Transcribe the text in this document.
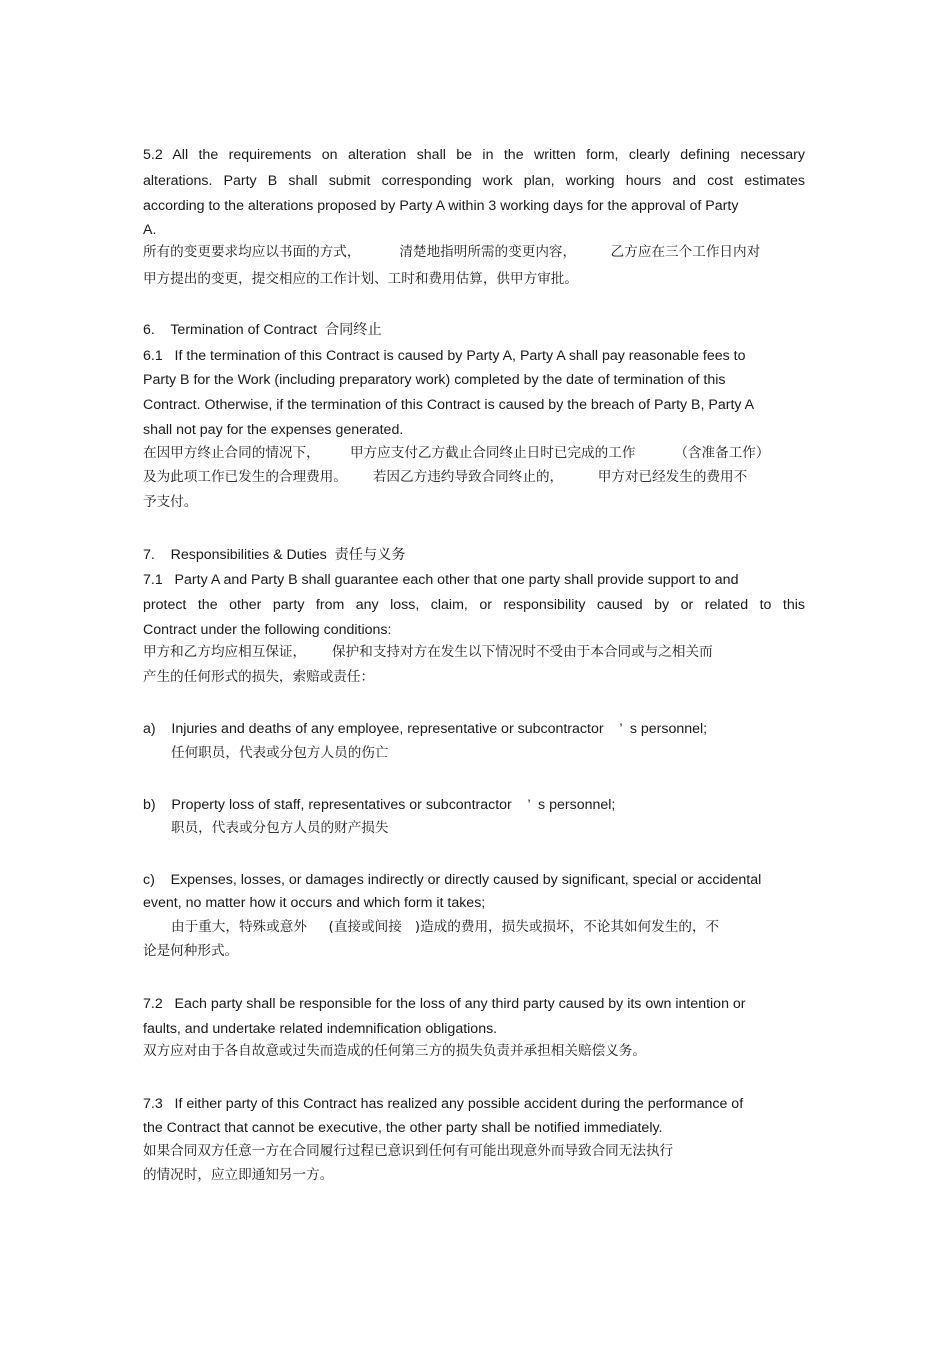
5.2 All the requirements on alteration shall be in the written form, clearly defining necessary
alterations. Party B shall submit corresponding work plan, working hours and cost estimates
according to the alterations proposed by Party A within 3 working days for the approval of Party
A.
所有的变更要求均应以书面的方式，         清楚地指明所需的变更内容，        乙方应在三个工作日内对
甲方提出的变更，提交相应的工作计划、工时和费用估算，供甲方审批。
6.    Termination of Contract  合同终止
6.1   If the termination of this Contract is caused by Party A, Party A shall pay reasonable fees to
Party B for the Work (including preparatory work) completed by the date of termination of this
Contract. Otherwise, if the termination of this Contract is caused by the breach of Party B, Party A
shall not pay for the expenses generated.
在因甲方终止合同的情况下，       甲方应支付乙方截止合同终止日时已完成的工作         （含准备工作）
及为此项工作已发生的合理费用。      若因乙方违约导致合同终止的，        甲方对已经发生的费用不
予支付。
7.    Responsibilities & Duties  责任与义务
7.1   Party A and Party B shall guarantee each other that one party shall provide support to and
protect the other party from any loss, claim, or responsibility caused by or related to this
Contract under the following conditions:
甲方和乙方均应相互保证，      保护和支持对方在发生以下情况时不受由于本合同或与之相关而
产生的任何形式的损失，索赔或责任：
a)    Injuries and deaths of any employee, representative or subcontractor    ’  s personnel;
任何职员，代表或分包方人员的伤亡
b)    Property loss of staff, representatives or subcontractor    ’  s personnel;
职员，代表或分包方人员的财产损失
c)    Expenses, losses, or damages indirectly or directly caused by significant, special or accidental
event, no matter how it occurs and which form it takes;
由于重大，特殊或意外     (直接或间接   )造成的费用，损失或损坏，不论其如何发生的，不
论是何种形式。
7.2   Each party shall be responsible for the loss of any third party caused by its own intention or
faults, and undertake related indemnification obligations.
双方应对由于各自故意或过失而造成的任何第三方的损失负责并承担相关赔偿义务。
7.3   If either party of this Contract has realized any possible accident during the performance of
the Contract that cannot be executive, the other party shall be notified immediately.
如果合同双方任意一方在合同履行过程已意识到任何有可能出现意外而导致合同无法执行
的情况时，应立即通知另一方。
